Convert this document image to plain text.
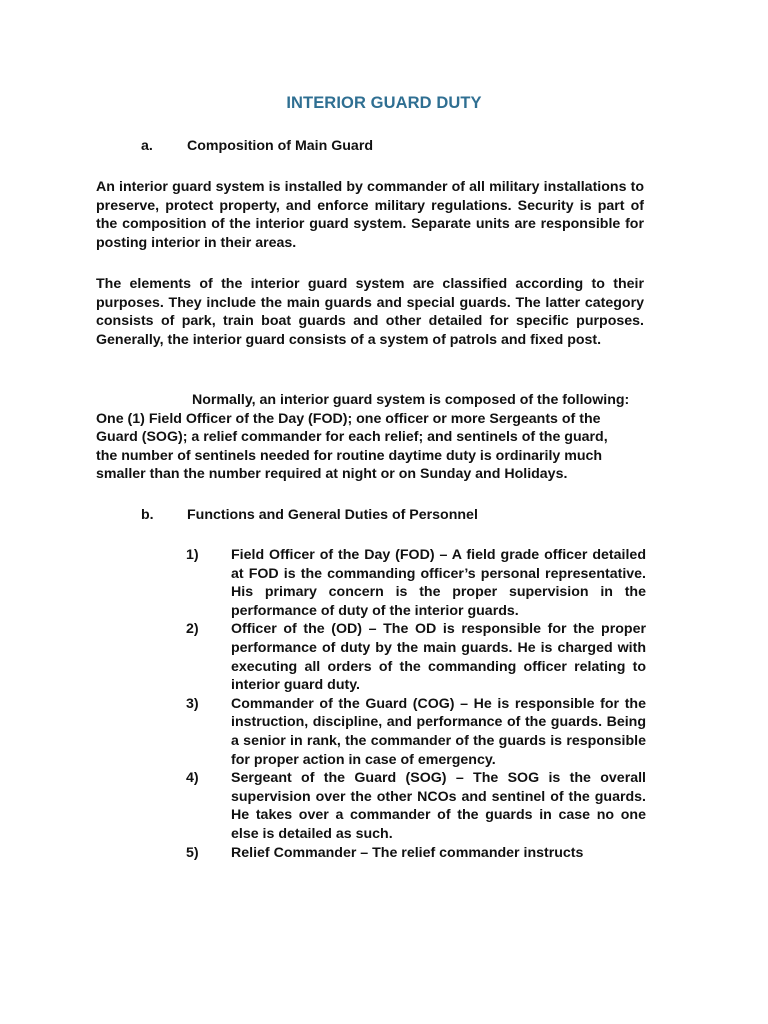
INTERIOR GUARD DUTY
a. Composition of Main Guard
An interior guard system is installed by commander of all military installations to preserve, protect property, and enforce military regulations. Security is part of the composition of the interior guard system. Separate units are responsible for posting interior in their areas.
The elements of the interior guard system are classified according to their purposes. They include the main guards and special guards. The latter category consists of park, train boat guards and other detailed for specific purposes. Generally, the interior guard consists of a system of patrols and fixed post.
Normally, an interior guard system is composed of the following:
One (1) Field Officer of the Day (FOD); one officer or more Sergeants of the
Guard (SOG); a relief commander for each relief; and sentinels of the guard,
the number of sentinels needed for routine daytime duty is ordinarily much
smaller than the number required at night or on Sunday and Holidays.
b. Functions and General Duties of Personnel
1) Field Officer of the Day (FOD) – A field grade officer detailed at FOD is the commanding officer’s personal representative. His primary concern is the proper supervision in the performance of duty of the interior guards.
2) Officer of the (OD) – The OD is responsible for the proper performance of duty by the main guards. He is charged with executing all orders of the commanding officer relating to interior guard duty.
3) Commander of the Guard (COG) – He is responsible for the instruction, discipline, and performance of the guards. Being a senior in rank, the commander of the guards is responsible for proper action in case of emergency.
4) Sergeant of the Guard (SOG) – The SOG is the overall supervision over the other NCOs and sentinel of the guards. He takes over a commander of the guards in case no one else is detailed as such.
5) Relief Commander – The relief commander instructs
